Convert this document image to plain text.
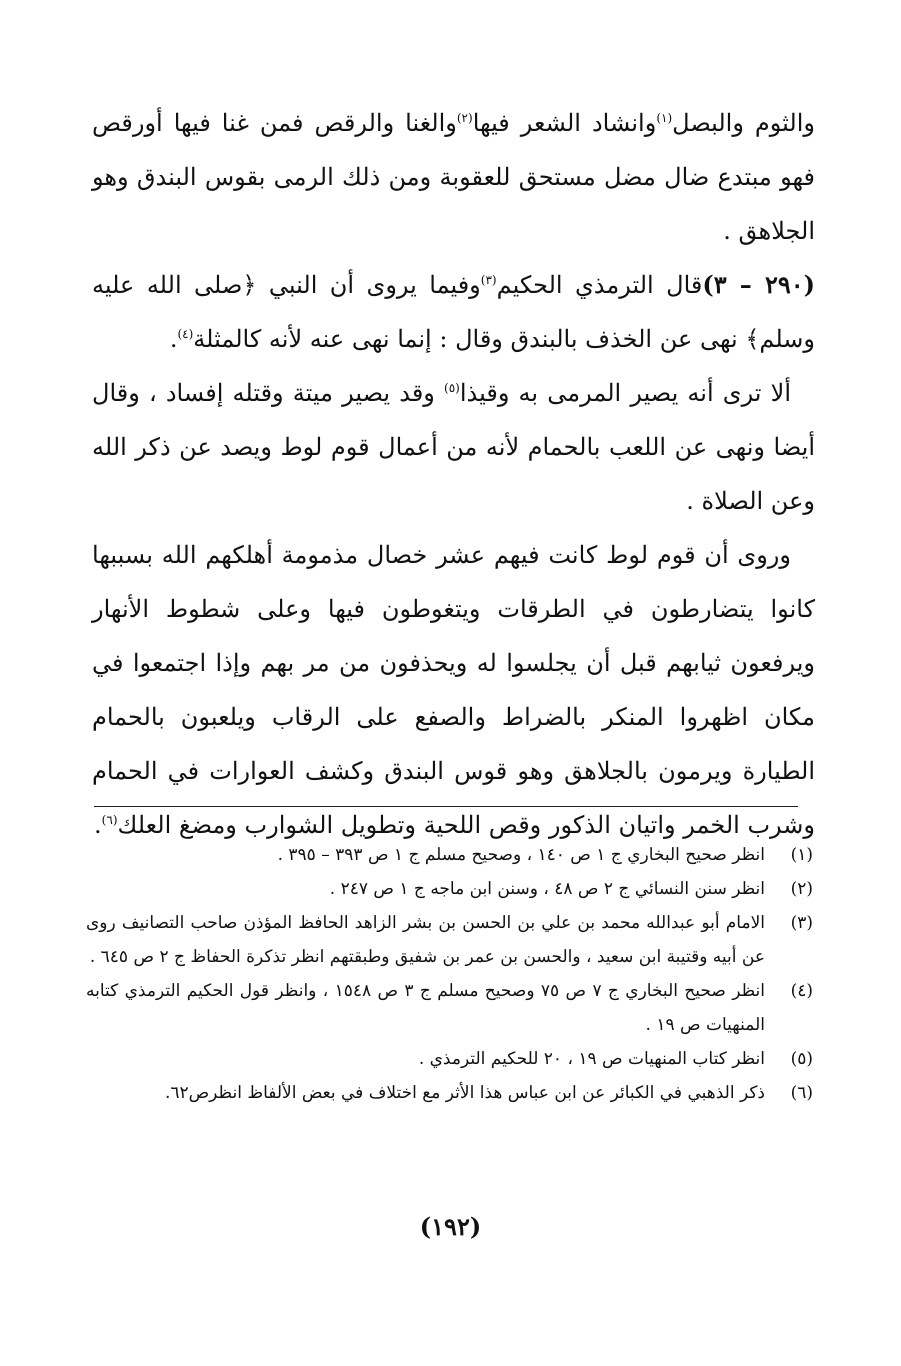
والثوم والبصل$^{(١)}$وانشاد الشعر فيها$^{(٢)}$والغنا والرقص فمن غنا فيها أورقص فهو مبتدع ضال مضل مستحق للعقوبة ومن ذلك الرمى بقوس البندق وهو الجلاهق .

(٢٩٠ – ٣)قال الترمذي الحكيم$^{(٣)}$وفيما يروى أن النبي ﴿صلى الله عليه وسلم﴾ نهى عن الخذف بالبندق وقال : إنما نهى عنه لأنه كالمثلة$^{(٤)}$.

ألا ترى أنه يصير المرمى به وقيذا$^{(٥)}$ وقد يصير ميتة وقتله إفساد ، وقال أيضا ونهى عن اللعب بالحمام لأنه من أعمال قوم لوط ويصد عن ذكر الله وعن الصلاة .

وروى أن قوم لوط كانت فيهم عشر خصال مذمومة أهلكهم الله بسببها كانوا يتضارطون في الطرقات ويتغوطون فيها وعلى شطوط الأنهار ويرفعون ثيابهم قبل أن يجلسوا له ويحذفون من مر بهم وإذا اجتمعوا في مكان اظهروا المنكر بالضراط والصفع على الرقاب ويلعبون بالحمام الطيارة ويرمون بالجلاهق وهو قوس البندق وكشف العوارات في الحمام وشرب الخمر واتيان الذكور وقص اللحية وتطويل الشوارب ومضغ العلك$^{(٦)}$.

(١)
انظر صحيح البخاري ج ١ ص ١٤٠ ، وصحيح مسلم ج ١ ص ٣٩٣ – ٣٩٥ .
(٢)
انظر سنن النسائي ج ٢ ص ٤٨ ، وسنن ابن ماجه ج ١ ص ٢٤٧ .
(٣)
الامام أبو عبدالله محمد بن علي بن الحسن بن بشر الزاهد الحافظ المؤذن صاحب التصانيف روى عن أبيه وقتيبة ابن سعيد ، والحسن بن عمر بن شفيق وطبقتهم انظر تذكرة الحفاظ ج ٢ ص ٦٤٥ .
(٤)
انظر صحيح البخاري ج ٧ ص ٧٥ وصحيح مسلم ج ٣ ص ١٥٤٨ ، وانظر قول الحكيم الترمذي كتابه المنهيات ص ١٩ .
(٥)
انظر كتاب المنهيات ص ١٩ ، ٢٠ للحكيم الترمذي .
(٦)
ذكر الذهبي في الكبائر عن ابن عباس هذا الأثر مع اختلاف في بعض الألفاظ انظرص٦٢.
(١٩٢)
